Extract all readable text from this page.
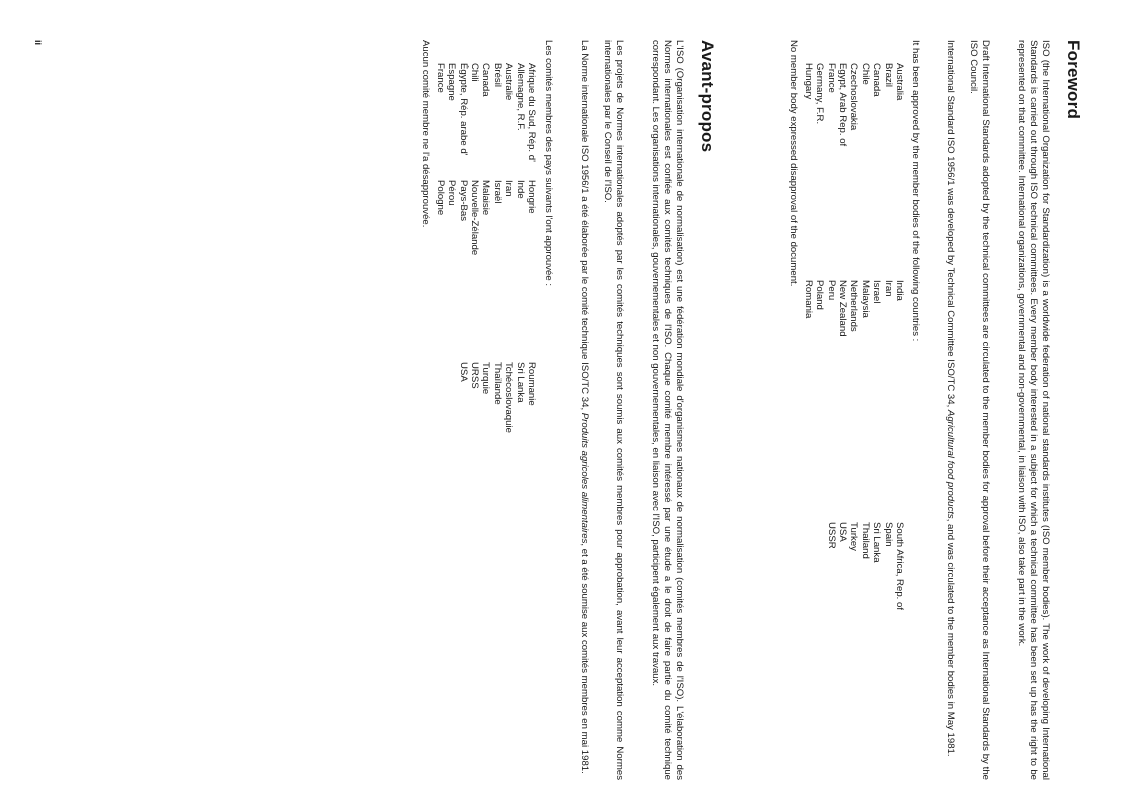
Foreword

ISO (the International Organization for Standardization) is a worldwide federation of national standards institutes (ISO member bodies). The work of developing International Standards is carried out through ISO technical committees. Every member body interested in a subject for which a technical committee has been set up has the right to be represented on that committee. International organizations, governmental and non-governmental, in liaison with ISO, also take part in the work.

Draft International Standards adopted by the technical committees are circulated to the member bodies for approval before their acceptance as International Standards by the ISO Council.

International Standard ISO 1956/1 was developed by Technical Committee ISO/TC 34, Agricultural food products, and was circulated to the member bodies in May 1981.

It has been approved by the member bodies of the following countries :

Australia
Brazil
Canada
Chile
Czechoslovakia
Egypt, Arab Rep. of
France
Germany, F.R.
Hungary
India
Iran
Israel
Malaysia
Netherlands
New Zealand
Peru
Poland
Romania
South Africa, Rep. of
Spain
Sri Lanka
Thailand
Turkey
USA
USSR

No member body expressed disapproval of the document.

Avant-propos

L'ISO (Organisation internationale de normalisation) est une fédération mondiale d'organismes nationaux de normalisation (comités membres de l'ISO). L'élaboration des Normes internationales est confiée aux comités techniques de l'ISO. Chaque comité membre intéressé par une étude a le droit de faire partie du comité technique correspondant. Les organisations internationales, gouvernementales et non gouvernementales, en liaison avec l'ISO, participent également aux travaux.

Les projets de Normes internationales adoptés par les comités techniques sont soumis aux comités membres pour approbation, avant leur acceptation comme Normes internationales par le Conseil de l'ISO.

La Norme internationale ISO 1956/1 a été élaborée par le comité technique ISO/TC 34, Produits agricoles alimentaires, et a été soumise aux comités membres en mai 1981.

Les comités membres des pays suivants l'ont approuvée :

Afrique du Sud, Rép. d'
Allemagne, R.F.
Australie
Brésil
Canada
Chili
Égypte, Rép. arabe d'
Espagne
France
Hongrie
Inde
Iran
Israël
Malaisie
Nouvelle-Zélande
Pays-Bas
Pérou
Pologne
Roumanie
Sri Lanka
Tchécoslovaquie
Thaïlande
Turquie
URSS
USA

Aucun comité membre ne l'a désapprouvée.

ii
